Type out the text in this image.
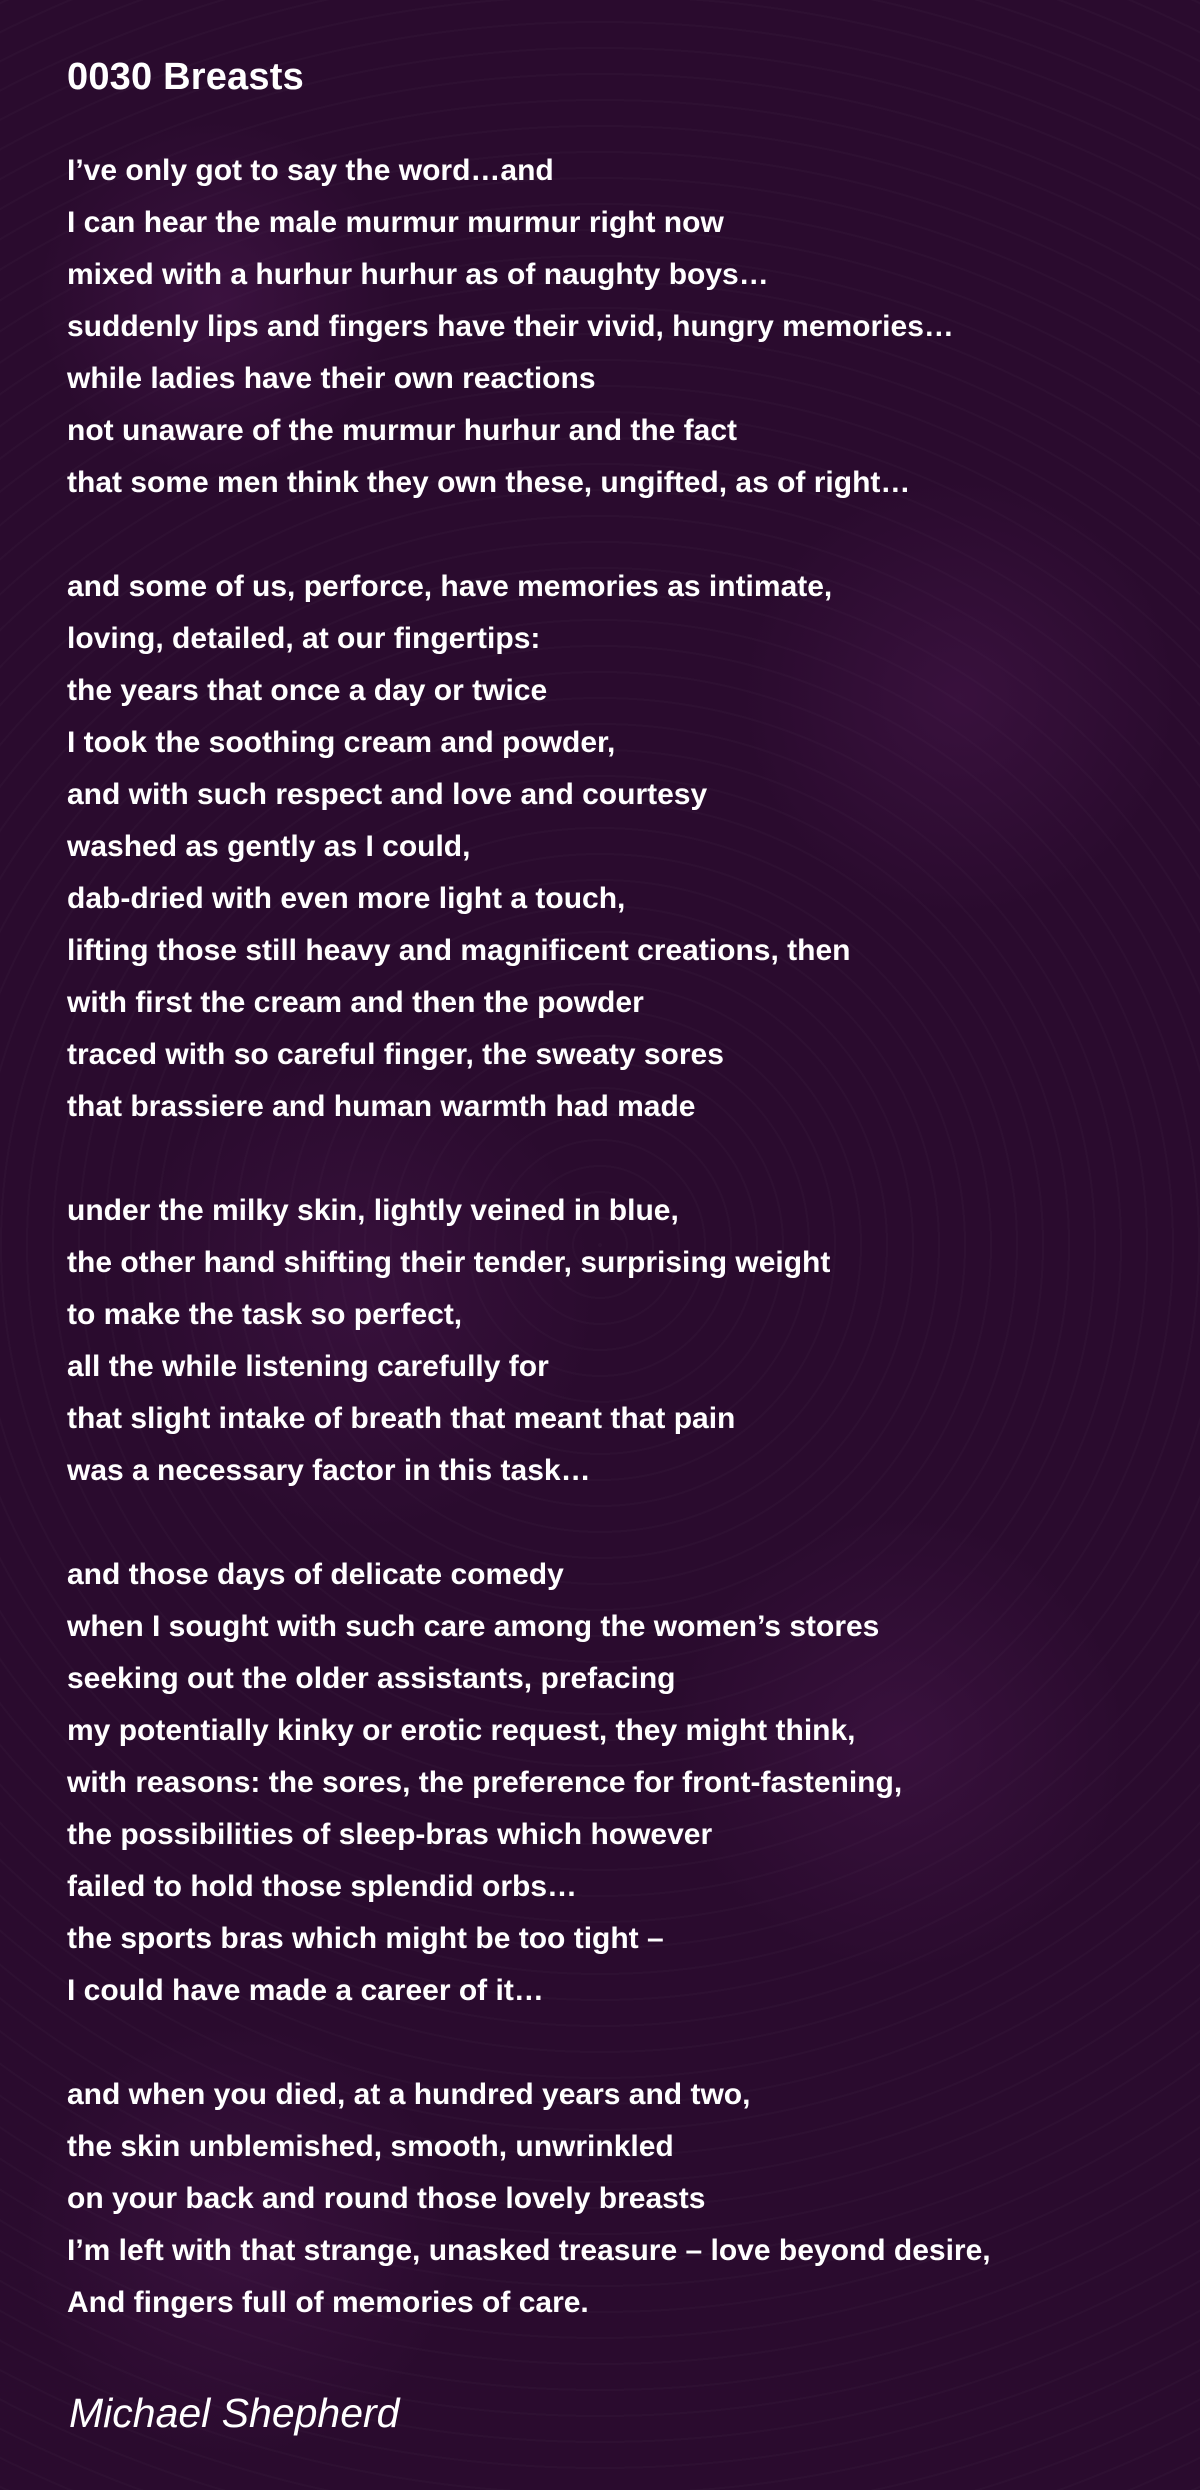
0030 Breasts
I’ve only got to say the word…and
I can hear the male murmur murmur right now
mixed with a hurhur hurhur as of naughty boys…
suddenly lips and fingers have their vivid, hungry memories…
while ladies have their own reactions
not unaware of the murmur hurhur and the fact
that some men think they own these, ungifted, as of right…
and some of us, perforce, have memories as intimate,
loving, detailed, at our fingertips:
the years that once a day or twice
I took the soothing cream and powder,
and with such respect and love and courtesy
washed as gently as I could,
dab-dried with even more light a touch,
lifting those still heavy and magnificent creations, then
with first the cream and then the powder
traced with so careful finger, the sweaty sores
that brassiere and human warmth had made
under the milky skin, lightly veined in blue,
the other hand shifting their tender, surprising weight
to make the task so perfect,
all the while listening carefully for
that slight intake of breath that meant that pain
was a necessary factor in this task…
and those days of delicate comedy
when I sought with such care among the women’s stores
seeking out the older assistants, prefacing
my potentially kinky or erotic request, they might think,
with reasons: the sores, the preference for front-fastening,
the possibilities of sleep-bras which however
failed to hold those splendid orbs…
the sports bras which might be too tight –
I could have made a career of it…
and when you died, at a hundred years and two,
the skin unblemished, smooth, unwrinkled
on your back and round those lovely breasts
I’m left with that strange, unasked treasure – love beyond desire,
And fingers full of memories of care.
Michael Shepherd
